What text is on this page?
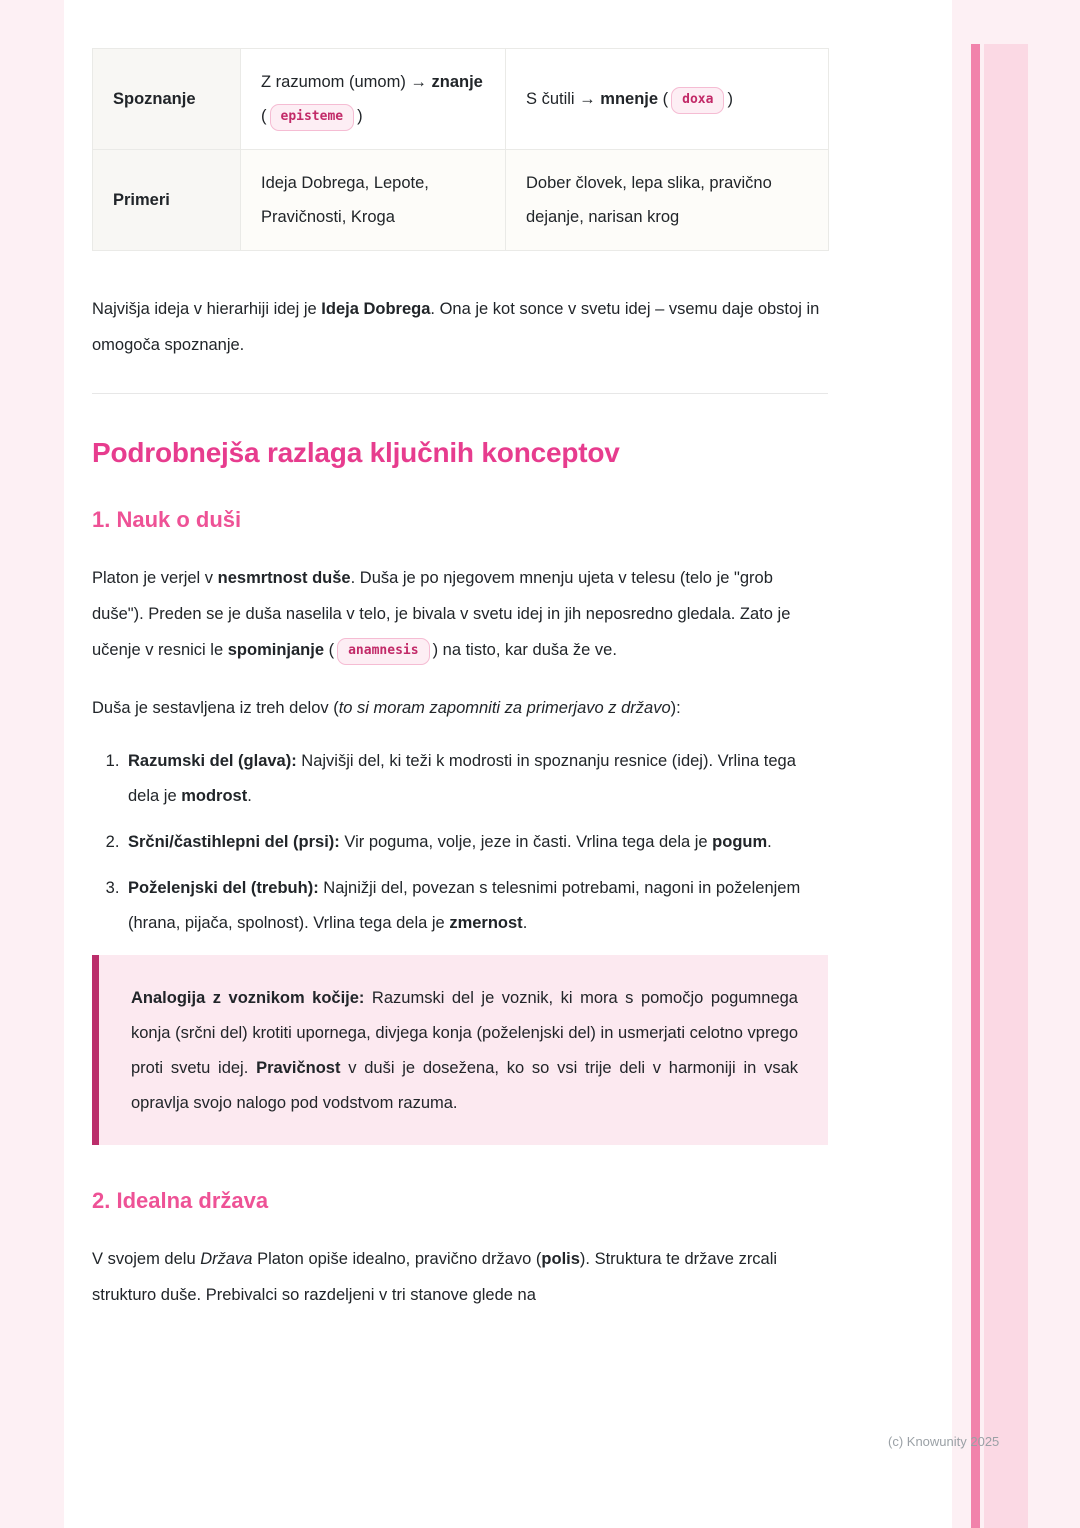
Spoznanje	Z razumom (umom) → znanje ( episteme )	S čutili → mnenje ( doxa )
Primeri	Ideja Dobrega, Lepote, Pravičnosti, Kroga	Dober človek, lepa slika, pravično dejanje, narisan krog

Najvišja ideja v hierarhiji idej je Ideja Dobrega. Ona je kot sonce v svetu idej – vsemu daje obstoj in omogoča spoznanje.

Podrobnejša razlaga ključnih konceptov
1. Nauk o duši

Platon je verjel v nesmrtnost duše. Duša je po njegovem mnenju ujeta v telesu (telo je "grob duše"). Preden se je duša naselila v telo, je bivala v svetu idej in jih neposredno gledala. Zato je učenje v resnici le spominjanje ( anamnesis ) na tisto, kar duša že ve.

Duša je sestavljena iz treh delov (to si moram zapomniti za primerjavo z državo):

1. Razumski del (glava): Najvišji del, ki teži k modrosti in spoznanju resnice (idej). Vrlina tega dela je modrost.
2. Srčni/častihlepni del (prsi): Vir poguma, volje, jeze in časti. Vrlina tega dela je pogum.
3. Poželenjski del (trebuh): Najnižji del, povezan s telesnimi potrebami, nagoni in poželenjem (hrana, pijača, spolnost). Vrlina tega dela je zmernost.

Analogija z voznikom kočije: Razumski del je voznik, ki mora s pomočjo pogumnega konja (srčni del) krotiti upornega, divjega konja (poželenjski del) in usmerjati celotno vprego proti svetu idej. Pravičnost v duši je dosežena, ko so vsi trije deli v harmoniji in vsak opravlja svojo nalogo pod vodstvom razuma.

2. Idealna država

V svojem delu Država Platon opiše idealno, pravično državo (polis). Struktura te države zrcali strukturo duše. Prebivalci so razdeljeni v tri stanove glede na

(c) Knowunity 2025
